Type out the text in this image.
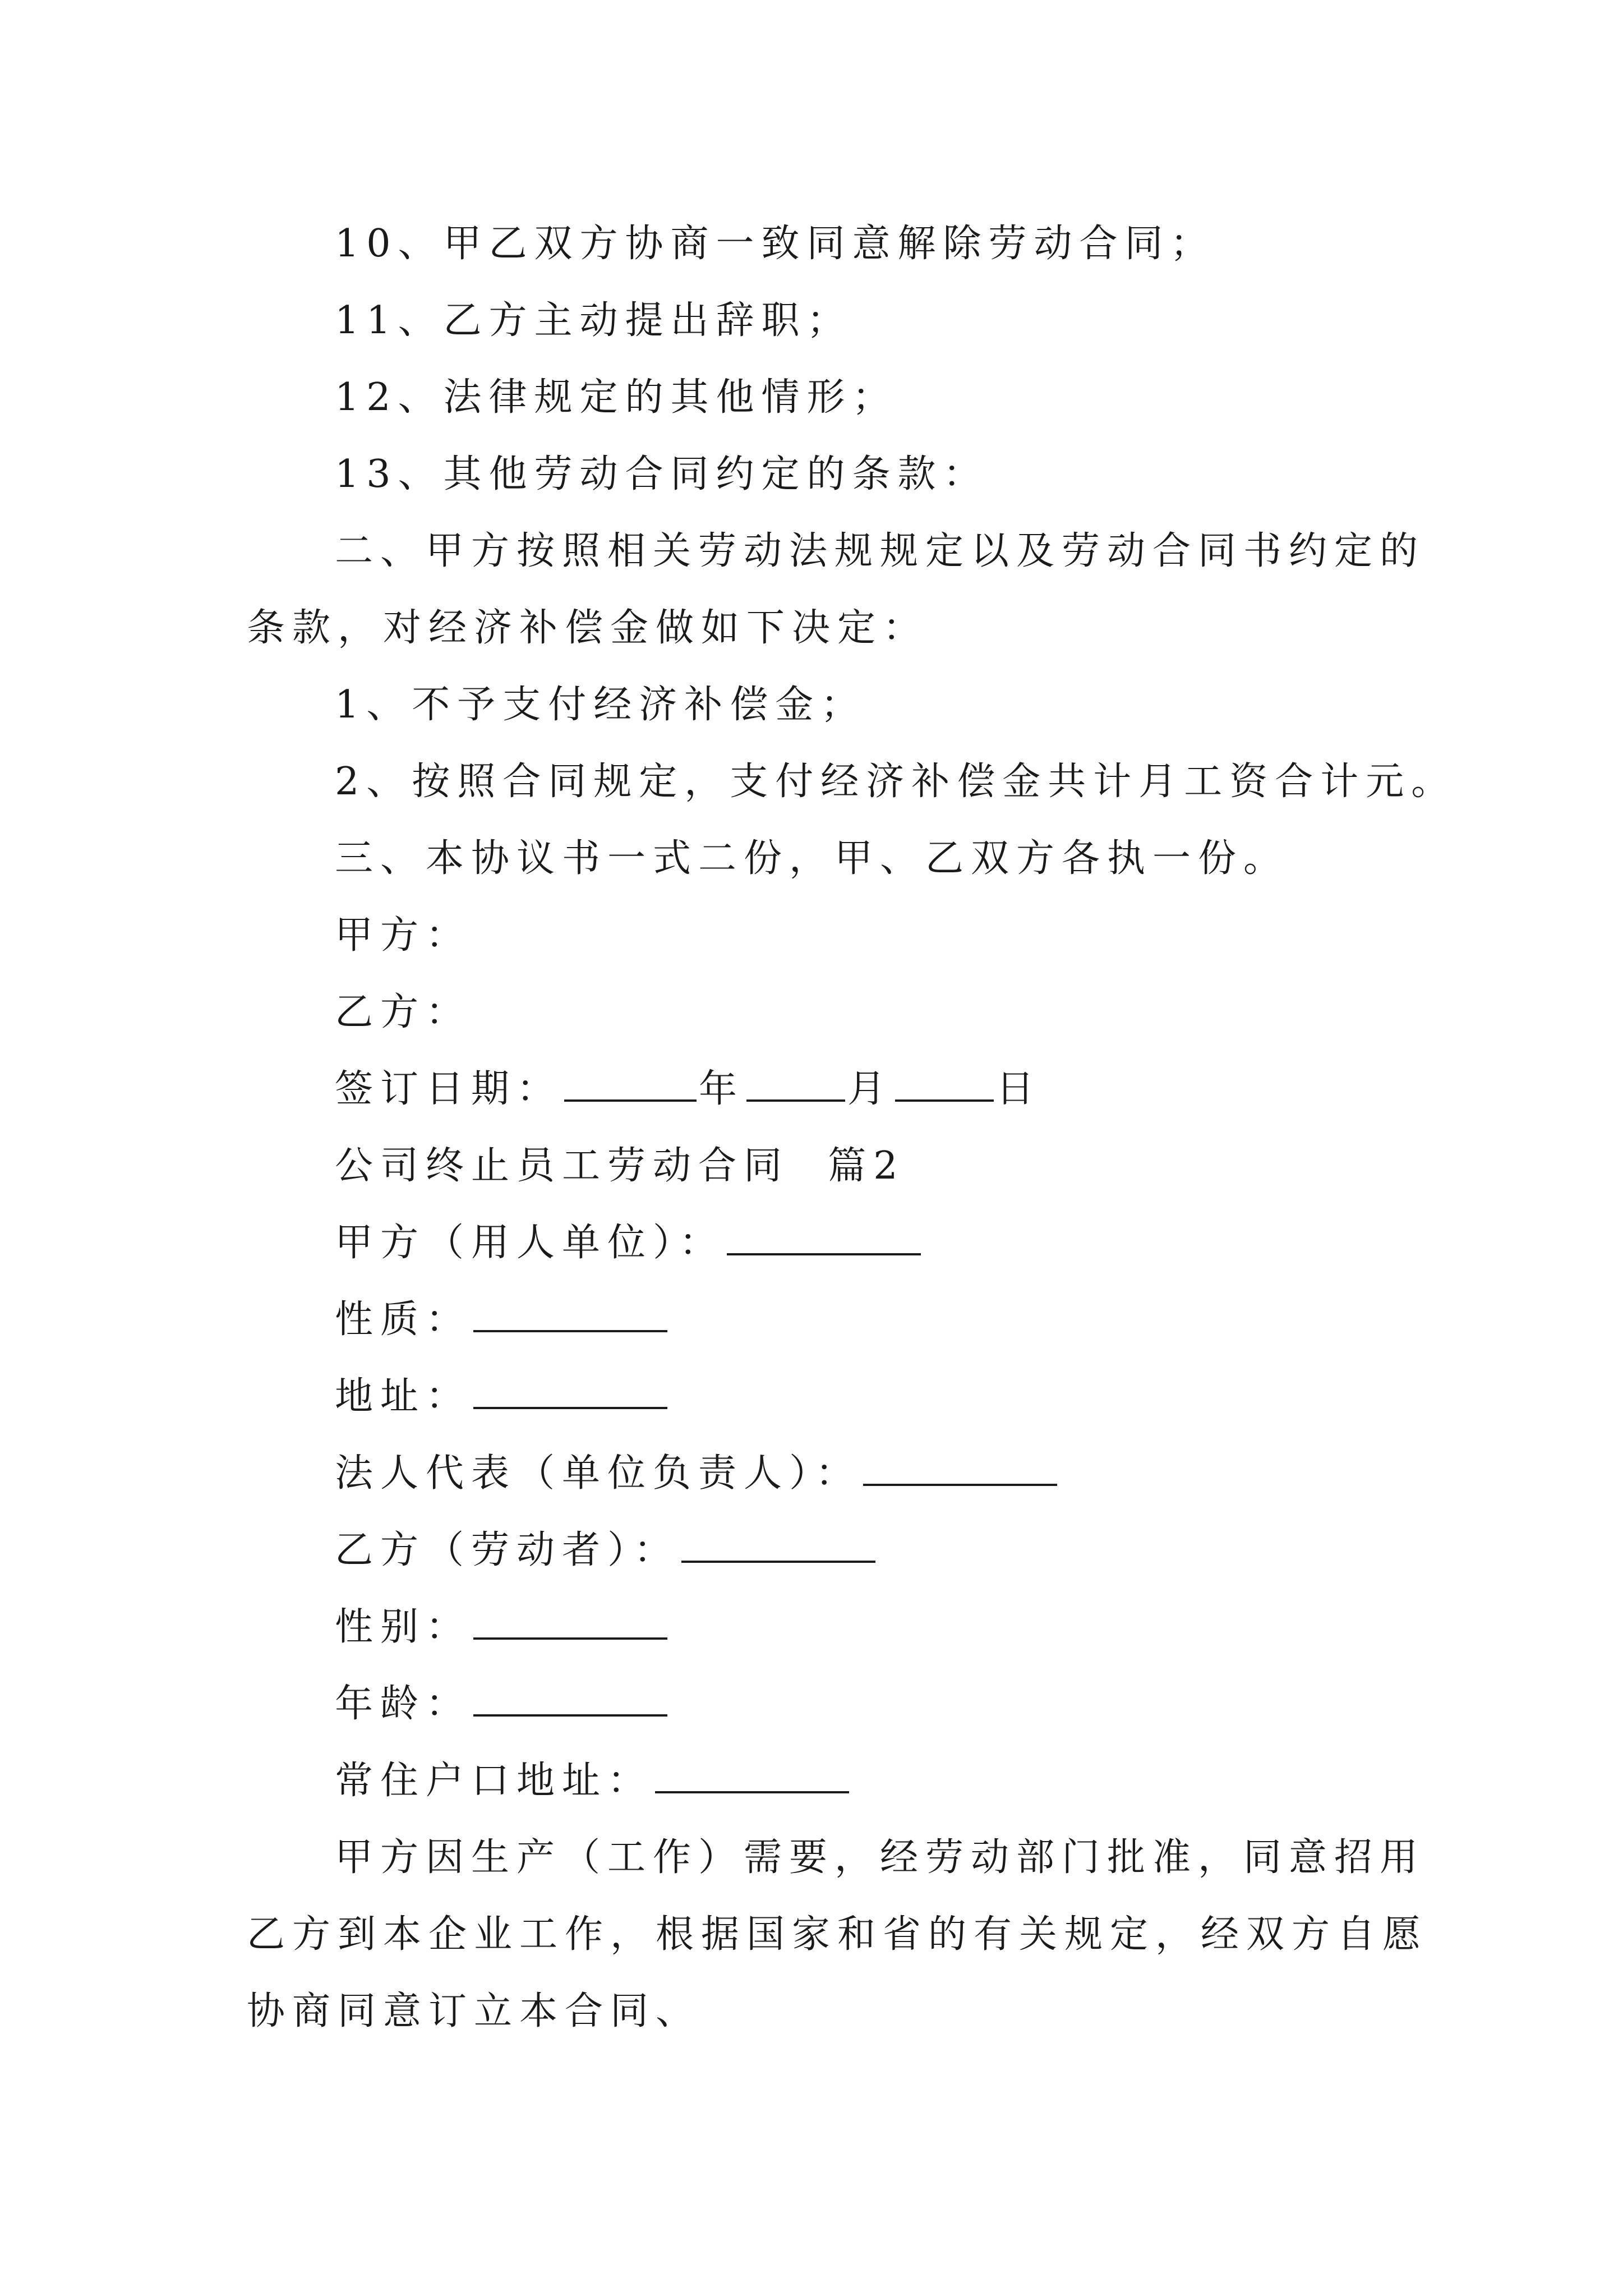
10、甲乙双方协商一致同意解除劳动合同；
11、乙方主动提出辞职；
12、法律规定的其他情形；
13、其他劳动合同约定的条款：
二、甲方按照相关劳动法规规定以及劳动合同书约定的
条款，对经济补偿金做如下决定：
1、不予支付经济补偿金；
2、按照合同规定，支付经济补偿金共计月工资合计元。
三、本协议书一式二份，甲、乙双方各执一份。
甲方：
乙方：
签订日期：	年	月	日
公司终止员工劳动合同  篇2
甲方（用人单位）：
性质：
地址：
法人代表（单位负责人）：
乙方（劳动者）：
性别：
年龄：
常住户口地址：
甲方因生产（工作）需要，经劳动部门批准，同意招用
乙方到本企业工作，根据国家和省的有关规定，经双方自愿
协商同意订立本合同、
